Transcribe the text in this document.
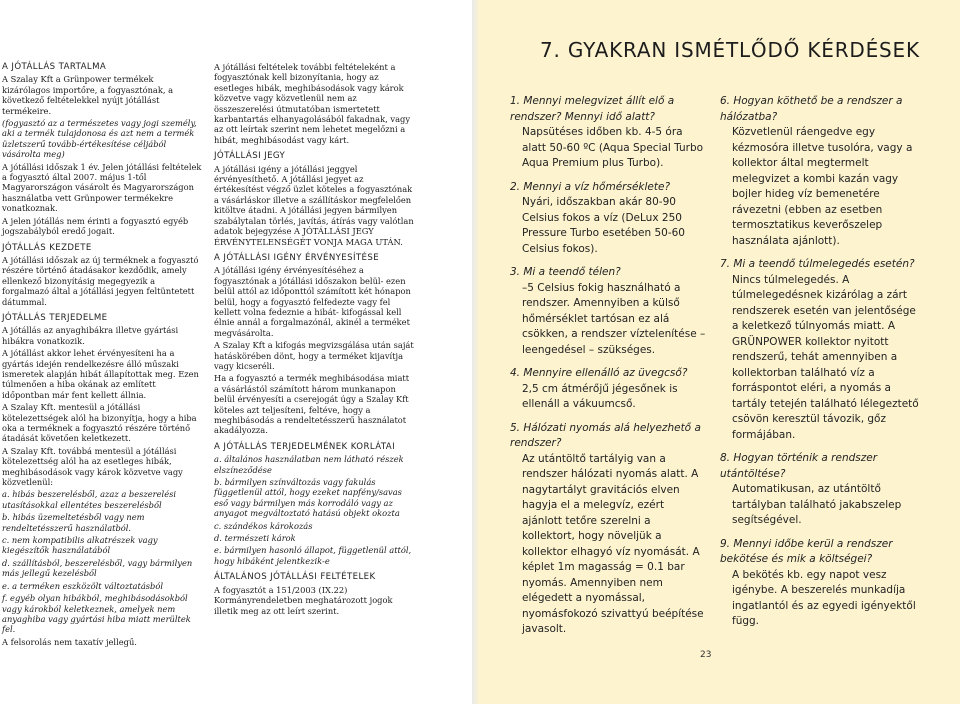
A JÓTÁLLÁS TARTALMA

A Szalay Kft a Grünpower termékek kizárólagos importőre, a fogyasztónak, a következő feltételekkel nyújt jótállást termékeire.

(fogyasztó az a természetes vagy jogi személy, aki a termék tulajdonosa és azt nem a termék üzletszerű tovább-értékesítése céljából vásárolta meg)

A jótállási időszak 1 év. Jelen jótállási feltételek a fogyasztó által 2007. május 1-től Magyarországon vásárolt és Magyarországon használatba vett Grünpower termékekre vonatkoznak.

A jelen jótállás nem érinti a fogyasztó egyéb jogszabályból eredő jogait.

JÓTÁLLÁS KEZDETE

A jótállási időszak az új terméknek a fogyasztó részére történő átadásakor kezdődik, amely ellenkező bizonyításig megegyezik a forgalmazó által a jótállási jegyen feltüntetett dátummal.

JÓTÁLLÁS TERJEDELME

A jótállás az anyaghibákra illetve gyártási hibákra vonatkozik.

A jótállást akkor lehet érvényesíteni ha a gyártás idején rendelkezésre álló műszaki ismeretek alapján hibát állapítottak meg. Ezen túlmenően a hiba okának az említett időpontban már fent kellett állnia.

A Szalay Kft. mentesül a jótállási kötelezettségek alól ha bizonyítja, hogy a hiba oka a terméknek a fogyasztó részére történő átadását követően keletkezett.

A Szalay Kft. továbbá mentesül a jótállási kötelezettség alól ha az esetleges hibák, meghibásodások vagy károk közvetve vagy közvetlenül:

a. hibás beszerelésből, azaz a beszerelési utasításokkal ellentétes beszerelésből

b. hibás üzemeltetésből vagy nem rendeltetésszerű használatból.

c. nem kompatibilis alkatrészek vagy kiegészítők használatából

d. szállításból, beszerelésből, vagy bármilyen más jellegű kezelésből

e. a terméken eszközölt változtatásból

f. egyéb olyan hibákból, meghibásodásokból vagy károkból keletkeznek, amelyek nem anyaghiba vagy gyártási hiba miatt merültek fel.

A felsorolás nem taxatív jellegű.

A jótállási feltételek további feltételeként a fogyasztónak kell bizonyítania, hogy az esetleges hibák, meghibásodások vagy károk közvetve vagy közvetlenül nem az összeszerelési útmutatóban ismertetett karbantartás elhanyagolásából fakadnak, vagy az ott leírtak szerint nem lehetet megelőzni a hibát, meghibásodást vagy kárt.

JÓTÁLLÁSI JEGY

A jótállási igény a jótállási jeggyel érvényesíthető. A jótállási jegyet az értékesítést végző üzlet köteles a fogyasztónak a vásárláskor illetve a szállításkor megfelelően kitöltve átadni. A jótállási jegyen bármilyen szabálytalan törlés, javítás, átírás vagy valótlan adatok bejegyzése A JÓTÁLLÁSI JEGY ÉRVÉNYTELENSÉGÉT VONJA MAGA UTÁN.

A JÓTÁLLÁSI IGÉNY ÉRVÉNYESÍTÉSE

A jótállási igény érvényesítéséhez a fogyasztónak a jótállási időszakon belül- ezen belül attól az időponttól számított két hónapon belül, hogy a fogyasztó felfedezte vagy fel kellett volna fedeznie a hibát- kifogással kell élnie annál a forgalmazónál, akinél a terméket megvásárolta.

A Szalay Kft a kifogás megvizsgálása után saját hatáskörében dönt, hogy a terméket kijavítja vagy kicseréli.

Ha a fogyasztó a termék meghibásodása miatt a vásárlástól számított három munkanapon belül érvényesíti a cserejogát úgy a Szalay Kft köteles azt teljesíteni, feltéve, hogy a meghibásodás a rendeltetésszerű használatot akadályozza.

A JÓTÁLLÁS TERJEDELMÉNEK KORLÁTAI

a. általános használatban nem látható részek elszíneződése

b. bármilyen színváltozás vagy fakulás függetlenül attól, hogy ezeket napfény/savas eső vagy bármilyen más korrodáló vagy az anyagot megváltoztató hatású objekt okozta

c. szándékos károkozás

d. természeti károk

e. bármilyen hasonló állapot, függetlenül attól, hogy hibáként jelentkezik-e

ÁLTALÁNOS JÓTÁLLÁSI FELTÉTELEK

A fogyasztót a 151/2003 (IX.22) Kormányrendeletben meghatározott jogok illetik meg az ott leírt szerint.

7. GYAKRAN ISMÉTLŐDŐ KÉRDÉSEK

1. Mennyi melegvizet állít elő a rendszer? Mennyi idő alatt?

Napsütéses időben kb. 4-5 óra alatt 50-60 ºC (Aqua Special Turbo Aqua Premium plus Turbo).

2. Mennyi a víz hőmérséklete?

Nyári, időszakban akár 80-90 Celsius fokos a víz (DeLux 250 Pressure Turbo esetében 50-60 Celsius fokos).

3. Mi a teendő télen?

–5 Celsius fokig használható a rendszer. Amennyiben a külső hőmérséklet tartósan ez alá csökken, a rendszer víztelenítése – leengedésel – szükséges.

4. Mennyire ellenálló az üvegcső?

2,5 cm átmérőjű jégesőnek is ellenáll a vákuumcső.

5. Hálózati nyomás alá helyezhető a rendszer?

Az utántöltő tartályig van a rendszer hálózati nyomás alatt. A nagytartályt gravitációs elven hagyja el a melegvíz, ezért ajánlott tetőre szerelni a kollektort, hogy növeljük a kollektor elhagyó víz nyomását. A képlet 1m magasság = 0.1 bar nyomás. Amennyiben nem elégedett a nyomással, nyomásfokozó szivattyú beépítése javasolt.

6. Hogyan köthető be a rendszer a hálózatba?

Közvetlenül ráengedve egy kézmosóra illetve tusolóra, vagy a kollektor által megtermelt melegvizet a kombi kazán vagy bojler hideg víz bemenetére rávezetni (ebben az esetben termosztatikus keverőszelep használata ajánlott).

7. Mi a teendő túlmelegedés esetén?

Nincs túlmelegedés. A túlmelegedésnek kizárólag a zárt rendszerek esetén van jelentősége a keletkező túlnyomás miatt. A GRÜNPOWER kollektor nyitott rendszerű, tehát amennyiben a kollektorban található víz a forráspontot eléri, a nyomás a tartály tetején található lélegeztető csövön keresztül távozik, gőz formájában.

8. Hogyan történik a rendszer utántöltése?

Automatikusan, az utántöltő tartályban található jakabszelep segítségével.

9. Mennyi időbe kerül a rendszer bekötése és mik a költségei?

A bekötés kb. egy napot vesz igénybe. A beszerelés munkadíja ingatlantól és az egyedi igényektől függ.

23
